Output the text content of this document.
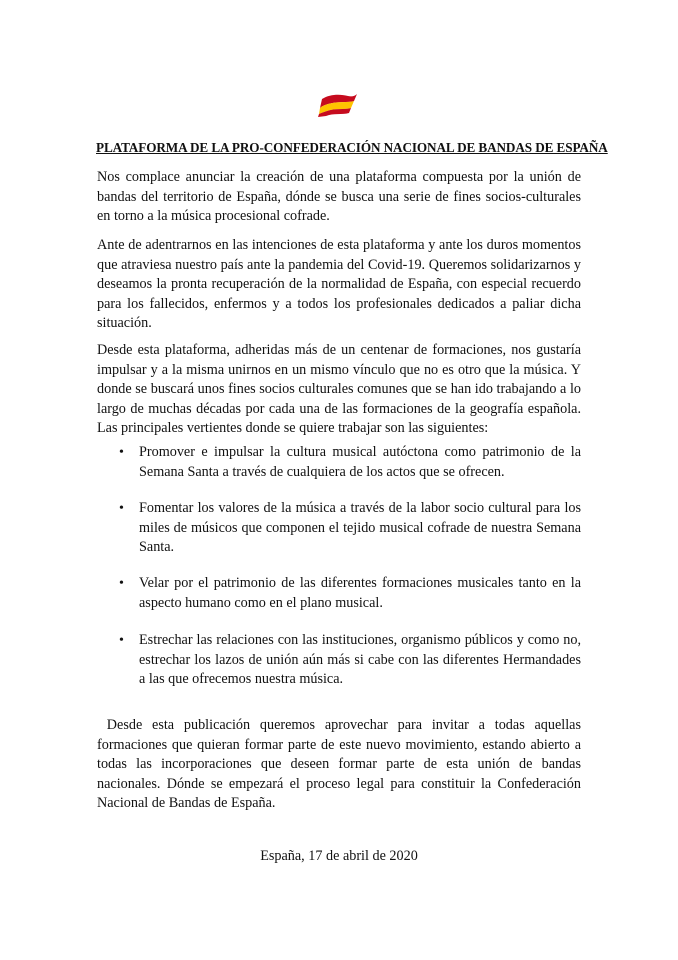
PLATAFORMA DE LA PRO-CONFEDERACIÓN NACIONAL DE BANDAS DE ESPAÑA

Nos complace anunciar la creación de una plataforma compuesta por la unión de bandas del territorio de España, dónde se busca una serie de fines socios-culturales en torno a la música procesional cofrade.

Ante de adentrarnos en las intenciones de esta plataforma y ante los duros momentos que atraviesa nuestro país ante la pandemia del Covid-19. Queremos solidarizarnos y deseamos la pronta recuperación de la normalidad de España, con especial recuerdo para los fallecidos, enfermos y a todos los profesionales dedicados a paliar dicha situación.

Desde esta plataforma, adheridas más de un centenar de formaciones, nos gustaría impulsar y a la misma unirnos en un mismo vínculo que no es otro que la música. Y donde se buscará unos fines socios culturales comunes que se han ido trabajando a lo largo de muchas décadas por cada una de las formaciones de la geografía española. Las principales vertientes donde se quiere trabajar son las siguientes:

• Promover e impulsar la cultura musical autóctona como patrimonio de la Semana Santa a través de cualquiera de los actos que se ofrecen.

• Fomentar los valores de la música a través de la labor socio cultural para los miles de músicos que componen el tejido musical cofrade de nuestra Semana Santa.

• Velar por el patrimonio de las diferentes formaciones musicales tanto en la aspecto humano como en el plano musical.

• Estrechar las relaciones con las instituciones, organismo públicos y como no, estrechar los lazos de unión aún más si cabe con las diferentes Hermandades a las que ofrecemos nuestra música.

Desde esta publicación queremos aprovechar para invitar a todas aquellas formaciones que quieran formar parte de este nuevo movimiento, estando abierto a todas las incorporaciones que deseen formar parte de esta unión de bandas nacionales. Dónde se empezará el proceso legal para constituir la Confederación Nacional de Bandas de España.

España, 17 de abril de 2020
